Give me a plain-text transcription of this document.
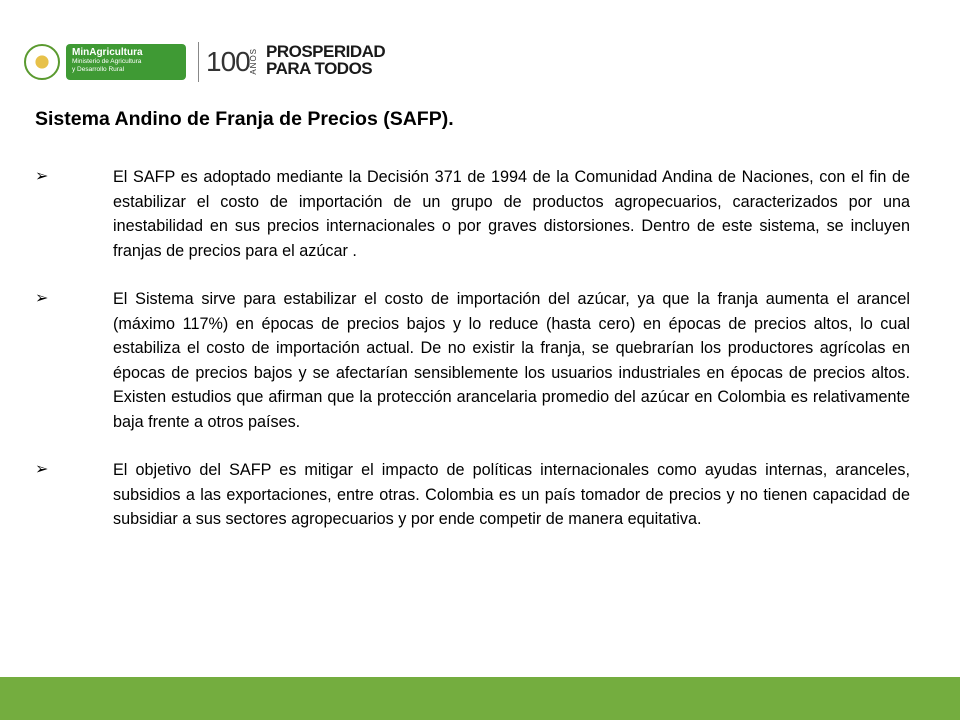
MinAgricultura
Ministerio de Agricultura
y Desarrollo Rural	100 AÑOS PROSPERIDAD
PARA TODOS
Sistema Andino de Franja de Precios (SAFP).
➢	El SAFP es adoptado mediante la Decisión 371 de 1994 de la Comunidad Andina de Naciones, con el fin de estabilizar el costo de importación de un grupo de productos agropecuarios, caracterizados por una inestabilidad en sus precios internacionales o por graves distorsiones. Dentro de este sistema, se incluyen franjas de precios para el azúcar .
➢	El Sistema sirve para estabilizar el costo de importación del azúcar, ya que la franja aumenta el arancel (máximo 117%) en épocas de precios bajos y lo reduce (hasta cero) en épocas de precios altos, lo cual estabiliza el costo de importación actual. De no existir la franja, se quebrarían los productores agrícolas en épocas de precios bajos y se afectarían sensiblemente los usuarios industriales en épocas de precios altos. Existen estudios que afirman que la protección arancelaria promedio del azúcar en Colombia es relativamente baja frente a otros países.
➢	El objetivo del SAFP es mitigar el impacto de políticas internacionales como ayudas internas, aranceles, subsidios a las exportaciones, entre otras. Colombia es un país tomador de precios y no tienen capacidad de subsidiar a sus sectores agropecuarios y por ende competir de manera equitativa.
